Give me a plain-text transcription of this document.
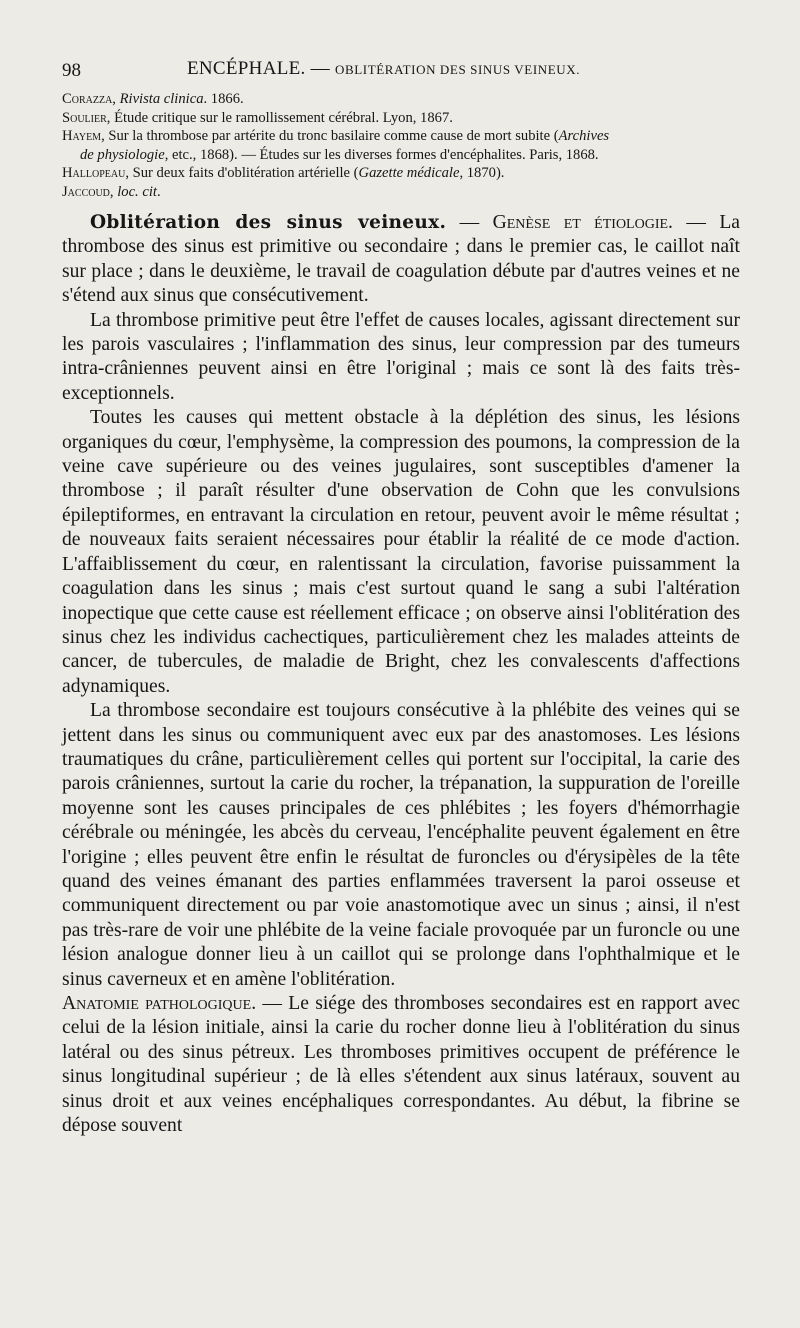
98	ENCÉPHALE. — OBLITÉRATION DES SINUS VEINEUX.

Corazza, Rivista clinica. 1866.

Soulier, Étude critique sur le ramollissement cérébral. Lyon, 1867.

Hayem, Sur la thrombose par artérite du tronc basilaire comme cause de mort subite (Archives

de physiologie, etc., 1868). — Études sur les diverses formes d'encéphalites. Paris, 1868.

Hallopeau, Sur deux faits d'oblitération artérielle (Gazette médicale, 1870).

Jaccoud, loc. cit.

Oblitération des sinus veineux. — Genèse et étiologie. — La thrombose des sinus est primitive ou secondaire ; dans le premier cas, le caillot naît sur place ; dans le deuxième, le travail de coagulation débute par d'autres veines et ne s'étend aux sinus que consécutivement.

La thrombose primitive peut être l'effet de causes locales, agissant directement sur les parois vasculaires ; l'inflammation des sinus, leur compression par des tumeurs intra-crâniennes peuvent ainsi en être l'original ; mais ce sont là des faits très-exceptionnels.

Toutes les causes qui mettent obstacle à la déplétion des sinus, les lésions organiques du cœur, l'emphysème, la compression des poumons, la compression de la veine cave supérieure ou des veines jugulaires, sont susceptibles d'amener la thrombose ; il paraît résulter d'une observation de Cohn que les convulsions épileptiformes, en entravant la circulation en retour, peuvent avoir le même résultat ; de nouveaux faits seraient nécessaires pour établir la réalité de ce mode d'action. L'affaiblissement du cœur, en ralentissant la circulation, favorise puissamment la coagulation dans les sinus ; mais c'est surtout quand le sang a subi l'altération inopectique que cette cause est réellement efficace ; on observe ainsi l'oblitération des sinus chez les individus cachectiques, particulièrement chez les malades atteints de cancer, de tubercules, de maladie de Bright, chez les convalescents d'affections adynamiques.

La thrombose secondaire est toujours consécutive à la phlébite des veines qui se jettent dans les sinus ou communiquent avec eux par des anastomoses. Les lésions traumatiques du crâne, particulièrement celles qui portent sur l'occipital, la carie des parois crâniennes, surtout la carie du rocher, la trépanation, la suppuration de l'oreille moyenne sont les causes principales de ces phlébites ; les foyers d'hémorrhagie cérébrale ou méningée, les abcès du cerveau, l'encéphalite peuvent également en être l'origine ; elles peuvent être enfin le résultat de furoncles ou d'érysipèles de la tête quand des veines émanant des parties enflammées traversent la paroi osseuse et communiquent directement ou par voie anastomotique avec un sinus ; ainsi, il n'est pas très-rare de voir une phlébite de la veine faciale provoquée par un furoncle ou une lésion analogue donner lieu à un caillot qui se prolonge dans l'ophthalmique et le sinus caverneux et en amène l'oblitération.

Anatomie pathologique. — Le siége des thromboses secondaires est en rapport avec celui de la lésion initiale, ainsi la carie du rocher donne lieu à l'oblitération du sinus latéral ou des sinus pétreux. Les thromboses primitives occupent de préférence le sinus longitudinal supérieur ; de là elles s'étendent aux sinus latéraux, souvent au sinus droit et aux veines encéphaliques correspondantes. Au début, la fibrine se dépose souvent
